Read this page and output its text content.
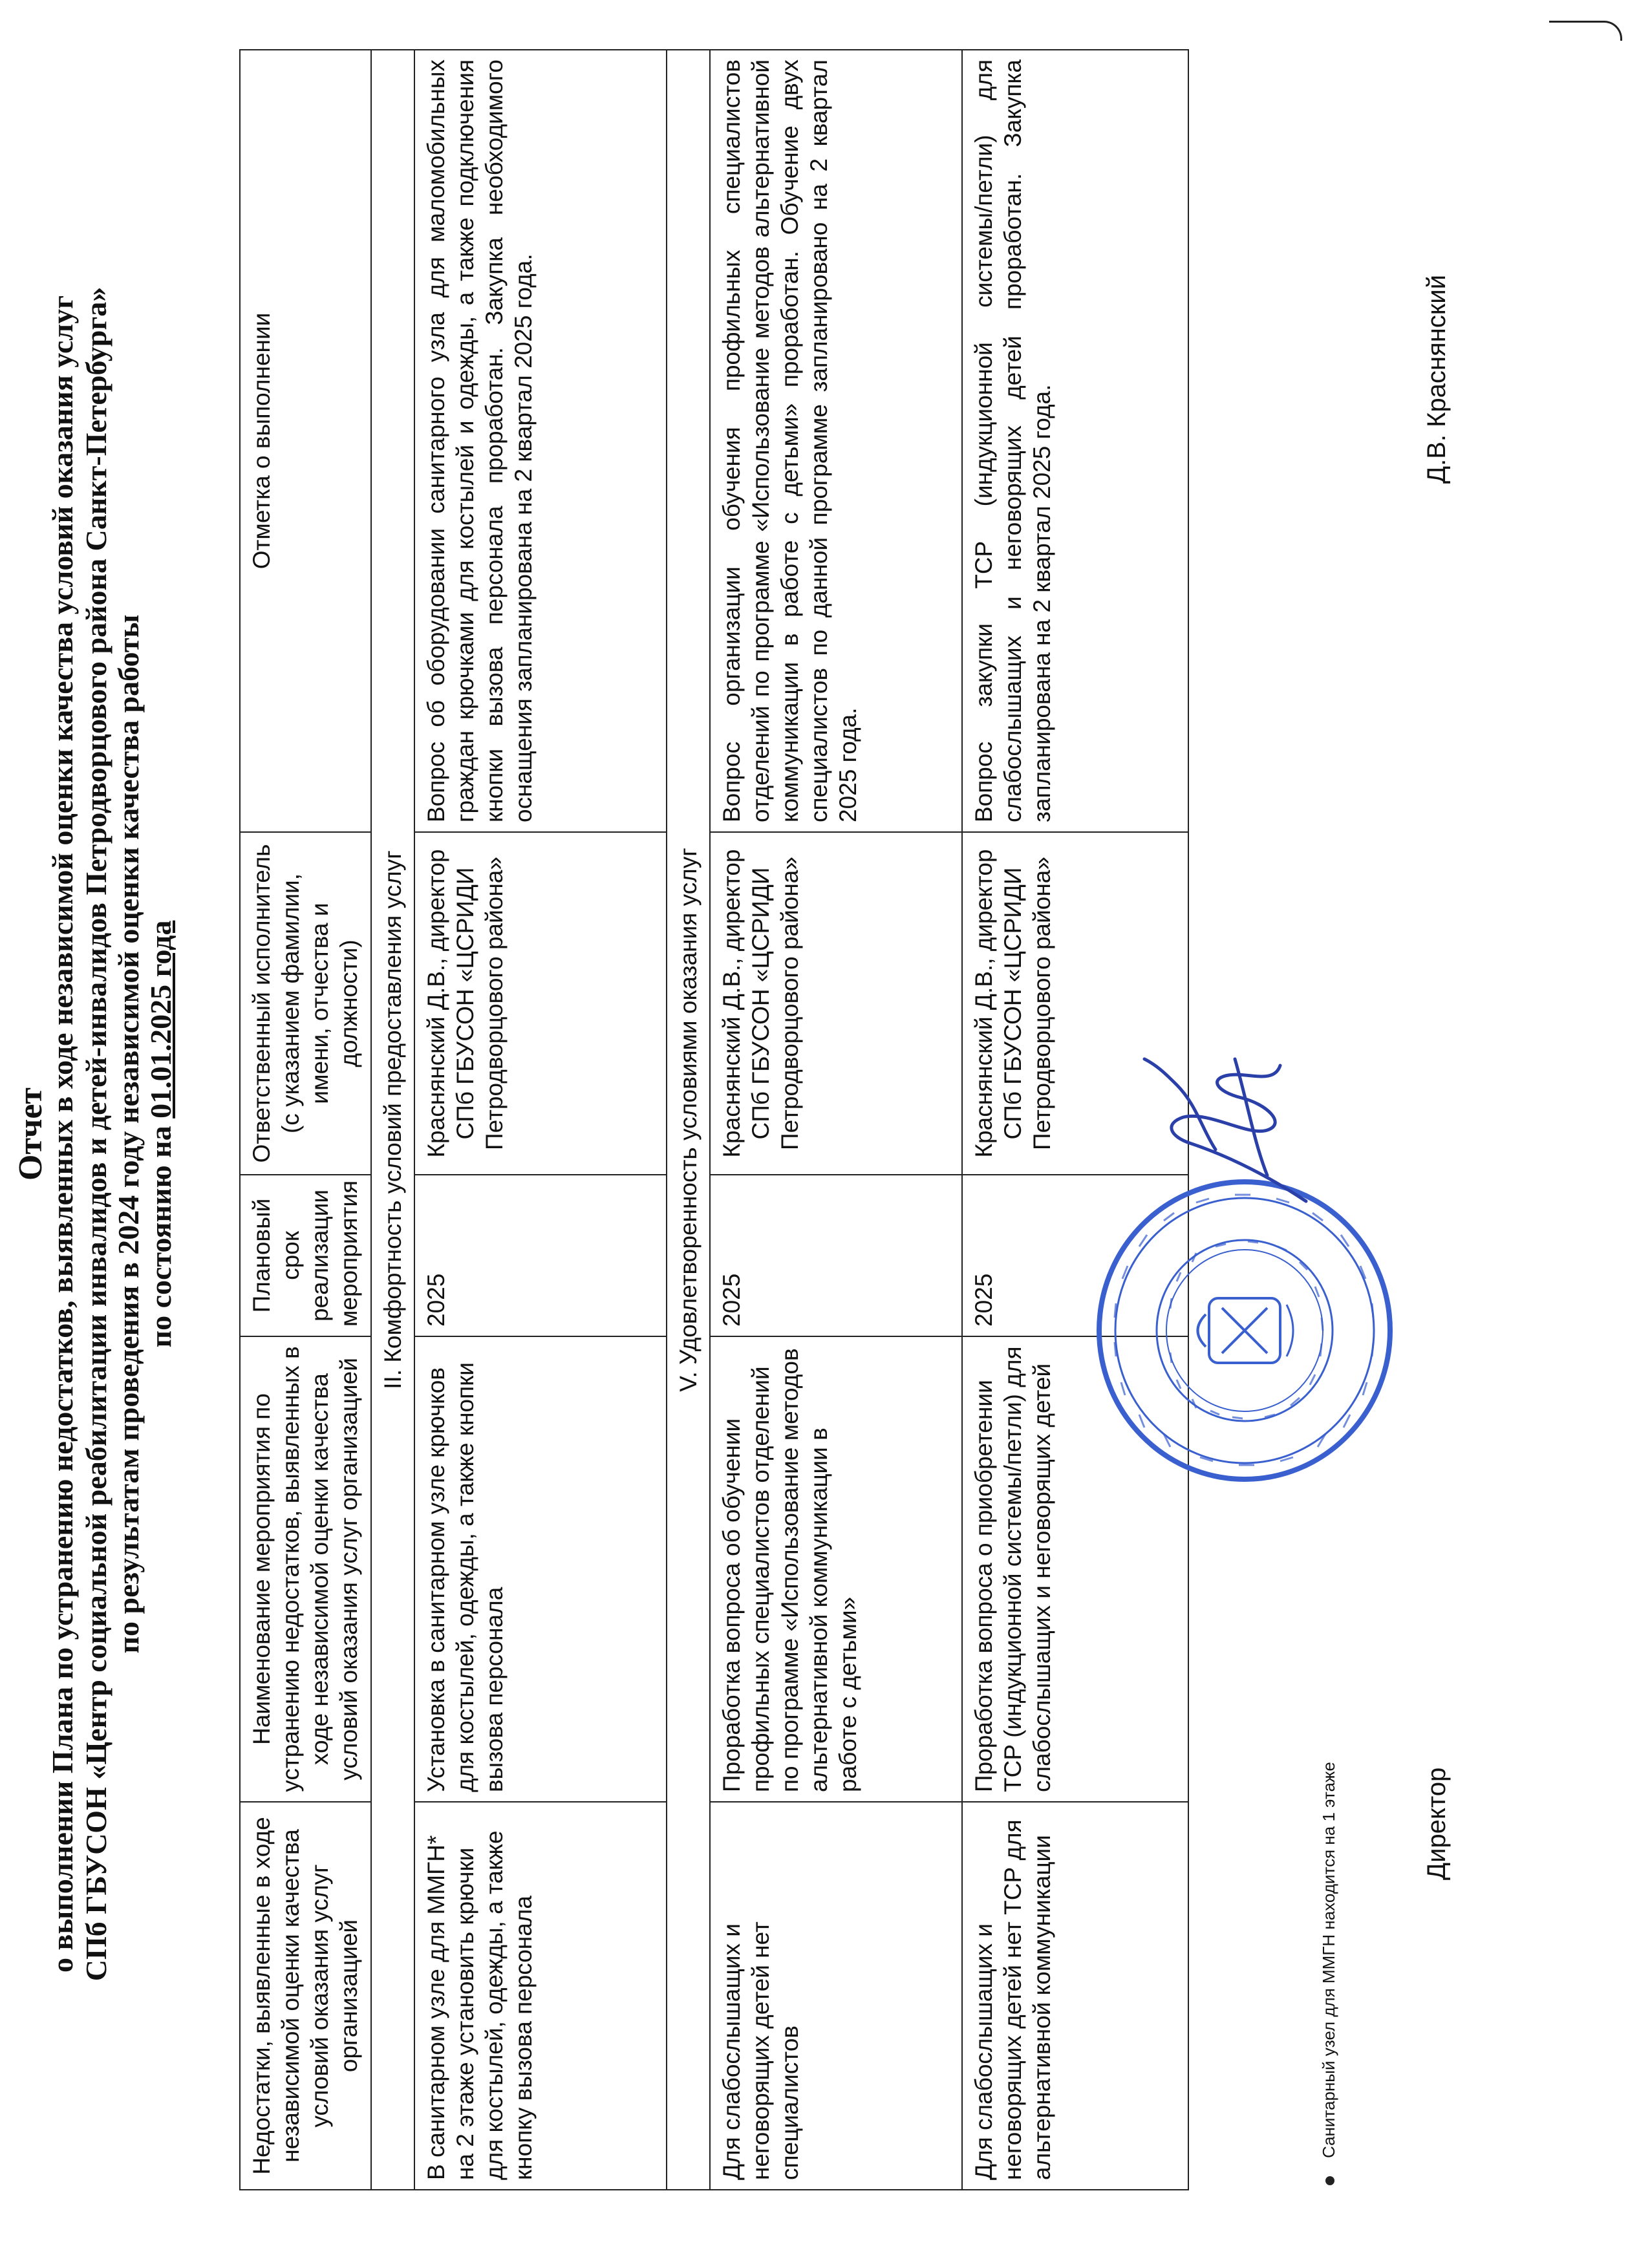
Отчет
о выполнении Плана по устранению недостатков, выявленных в ходе независимой оценки качества условий оказания услуг СПб ГБУСОН «Центр социальной реабилитации инвалидов и детей-инвалидов Петродворцового района Санкт-Петербурга» по результатам проведения в 2024 году независимой оценки качества работы по состоянию на 01.01.2025 года
Недостатки, выявленные в ходе независимой оценки качества условий оказания услуг организацией	Наименование мероприятия по устранению недостатков, выявленных в ходе независимой оценки качества условий оказания услуг организацией	Плановый срок реализации мероприятия	Ответственный исполнитель (с указанием фамилии, имени, отчества и должности)	Отметка о выполнении
II. Комфортность условий предоставления услуг				
В санитарном узле для ММГН* на 2 этаже установить крючки для костылей, одежды, а также кнопку вызова персонала	Установка в санитарном узле крючков для костылей, одежды, а также кнопки вызова персонала	2025	Краснянский Д.В., директор СПб ГБУСОН «ЦСРИДИ Петродворцового района»	Вопрос об оборудовании санитарного узла для маломобильных граждан крючками для костылей и одежды, а также подключения кнопки вызова персонала проработан. Закупка необходимого оснащения запланирована на 2 квартал 2025 года.
V. Удовлетворенность условиями оказания услуг				
Для слабослышащих и неговорящих детей нет специалистов	Проработка вопроса об обучении профильных специалистов отделений по программе «Использование методов альтернативной коммуникации в работе с детьми»	2025	Краснянский Д.В., директор СПб ГБУСОН «ЦСРИДИ Петродворцового района»	Вопрос организации обучения профильных специалистов отделений по программе «Использование методов альтернативной коммуникации в работе с детьми» проработан. Обучение двух специалистов по данной программе запланировано на 2 квартал 2025 года.
Для слабослышащих и неговорящих детей нет ТСР для альтернативной коммуникации	Проработка вопроса о приобретении ТСР (индукционной системы/петли) для слабослышащих и неговорящих детей	2025	Краснянский Д.В., директор СПб ГБУСОН «ЦСРИДИ Петродворцового района»	Вопрос закупки ТСР (индукционной системы/петли) для слабослышащих и неговорящих детей проработан. Закупка запланирована на 2 квартал 2025 года.
Санитарный узел для ММГН находится на 1 этаже	Директор
Д.В. Краснянский
